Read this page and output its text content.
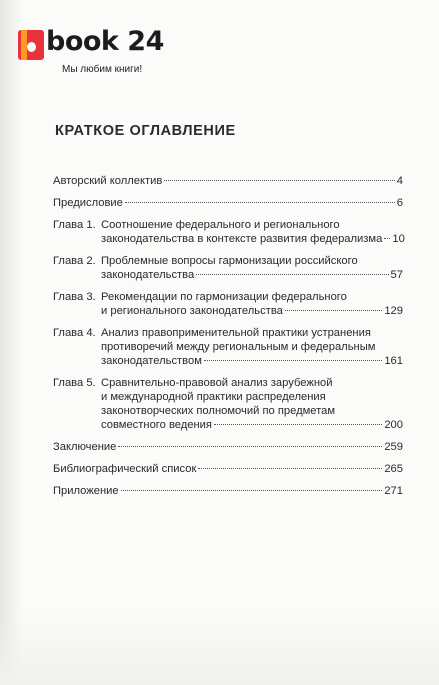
book 24
Мы любим книги!
КРАТКОЕ ОГЛАВЛЕНИЕ
Авторский коллектив	4
Предисловие	6
Глава 1. Соотношение федерального и регионального
законодательства в контексте развития федерализма 10
Глава 2. Проблемные вопросы гармонизации российского
законодательства	57
Глава 3. Рекомендации по гармонизации федерального
и регионального законодательства	129
Глава 4. Анализ правоприменительной практики устранения
противоречий между региональным и федеральным
законодательством	161
Глава 5. Сравнительно-правовой анализ зарубежной
и международной практики распределения
законотворческих полномочий по предметам
совместного ведения	200
Заключение	259
Библиографический список	265
Приложение	271
